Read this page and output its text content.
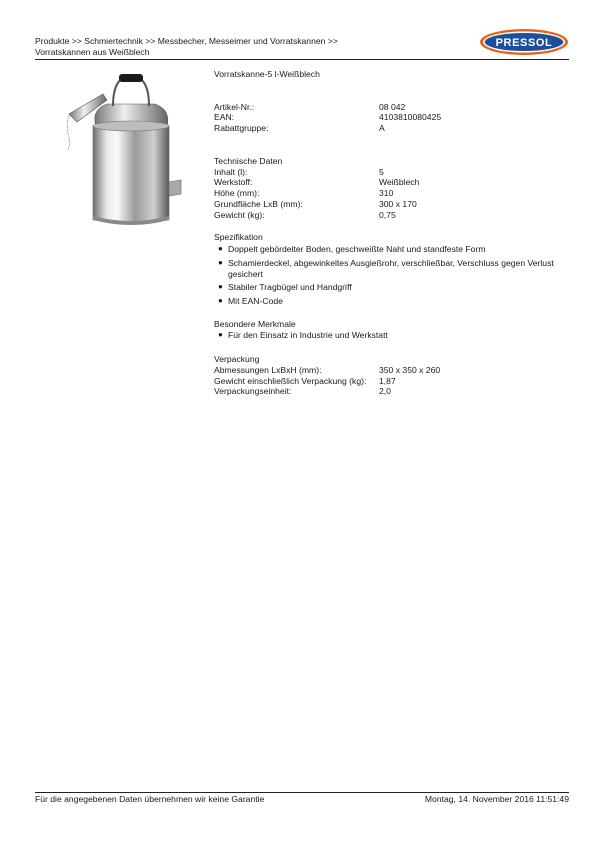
Produkte >> Schmiertechnik >> Messbecher, Messeimer und Vorratskannen >>
Vorratskannen aus Weißblech
PRESSOL
Vorratskanne-5 l-Weißblech
Artikel-Nr.:	08 042
EAN:	4103810080425
Rabattgruppe:	A
Technische Daten
Inhalt (l):	5
Werkstoff:	Weißblech
Höhe (mm):	310
Grundfläche LxB (mm):	300 x 170
Gewicht (kg):	0,75
Spezifikation
● Doppelt gebördelter Boden, geschweißte Naht und standfeste Form
● Schamierdeckel, abgewinkeltes Ausgießrohr, verschließbar, Verschluss gegen Verlust gesichert
● Stabiler Tragbügel und Handgriff
● Mit EAN-Code
Besondere Merkmale
● Für den Einsatz in Industrie und Werkstatt
Verpackung
Abmessungen LxBxH (mm):	350 x 350 x 260
Gewicht einschließlich Verpackung (kg):	1,87
Verpackungseinheit:	2,0
Für die angegebenen Daten übernehmen wir keine Garantie	Montag, 14. November 2016 11:51:49
